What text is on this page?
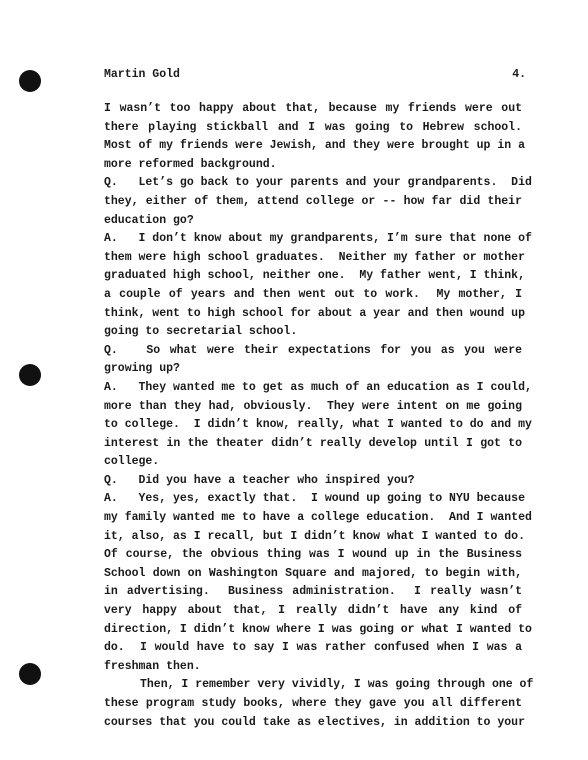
Martin Gold	4.
I wasn’t too happy about that, because my friends were out
there playing stickball and I was going to Hebrew school.
Most of my friends were Jewish, and they were brought up in a
more reformed background.
Q.   Let’s go back to your parents and your grandparents.  Did
they, either of them, attend college or -- how far did their
education go?
A.   I don’t know about my grandparents, I’m sure that none of
them were high school graduates.  Neither my father or mother
graduated high school, neither one.  My father went, I think,
a couple of years and then went out to work.  My mother, I
think, went to high school for about a year and then wound up
going to secretarial school.
Q.   So what were their expectations for you as you were
growing up?
A.   They wanted me to get as much of an education as I could,
more than they had, obviously.  They were intent on me going
to college.  I didn’t know, really, what I wanted to do and my
interest in the theater didn’t really develop until I got to
college.
Q.   Did you have a teacher who inspired you?
A.   Yes, yes, exactly that.  I wound up going to NYU because
my family wanted me to have a college education.  And I wanted
it, also, as I recall, but I didn’t know what I wanted to do.
Of course, the obvious thing was I wound up in the Business
School down on Washington Square and majored, to begin with,
in advertising.  Business administration.  I really wasn’t
very happy about that, I really didn’t have any kind of
direction, I didn’t know where I was going or what I wanted to
do.  I would have to say I was rather confused when I was a
freshman then.
Then, I remember very vividly, I was going through one of
these program study books, where they gave you all different
courses that you could take as electives, in addition to your
